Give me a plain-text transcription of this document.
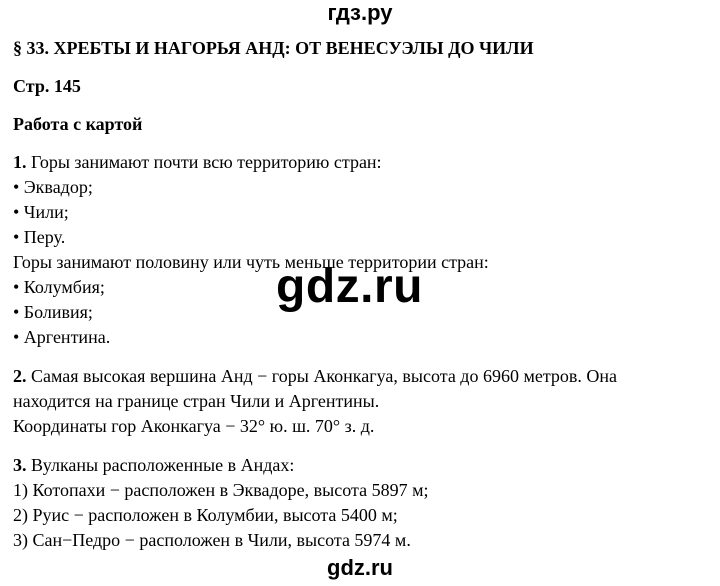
гдз.ру
§ 33. ХРЕБТЫ И НАГОРЬЯ АНД: ОТ ВЕНЕСУЭЛЫ ДО ЧИЛИ
Стр. 145
Работа с картой
1. Горы занимают почти всю территорию стран:
• Эквадор;
• Чили;
• Перу.
Горы занимают половину или чуть меньше территории стран:
• Колумбия;
• Боливия;
• Аргентина.
2. Самая высокая вершина Анд − горы Аконкагуа, высота до 6960 метров. Она
находится на границе стран Чили и Аргентины.
Координаты гор Аконкагуа − 32° ю. ш. 70° з. д.
3. Вулканы расположенные в Андах:
1) Котопахи − расположен в Эквадоре, высота 5897 м;
2) Руис − расположен в Колумбии, высота 5400 м;
3) Сан−Педро − расположен в Чили, высота 5974 м.
gdz.ru
gdz.ru
